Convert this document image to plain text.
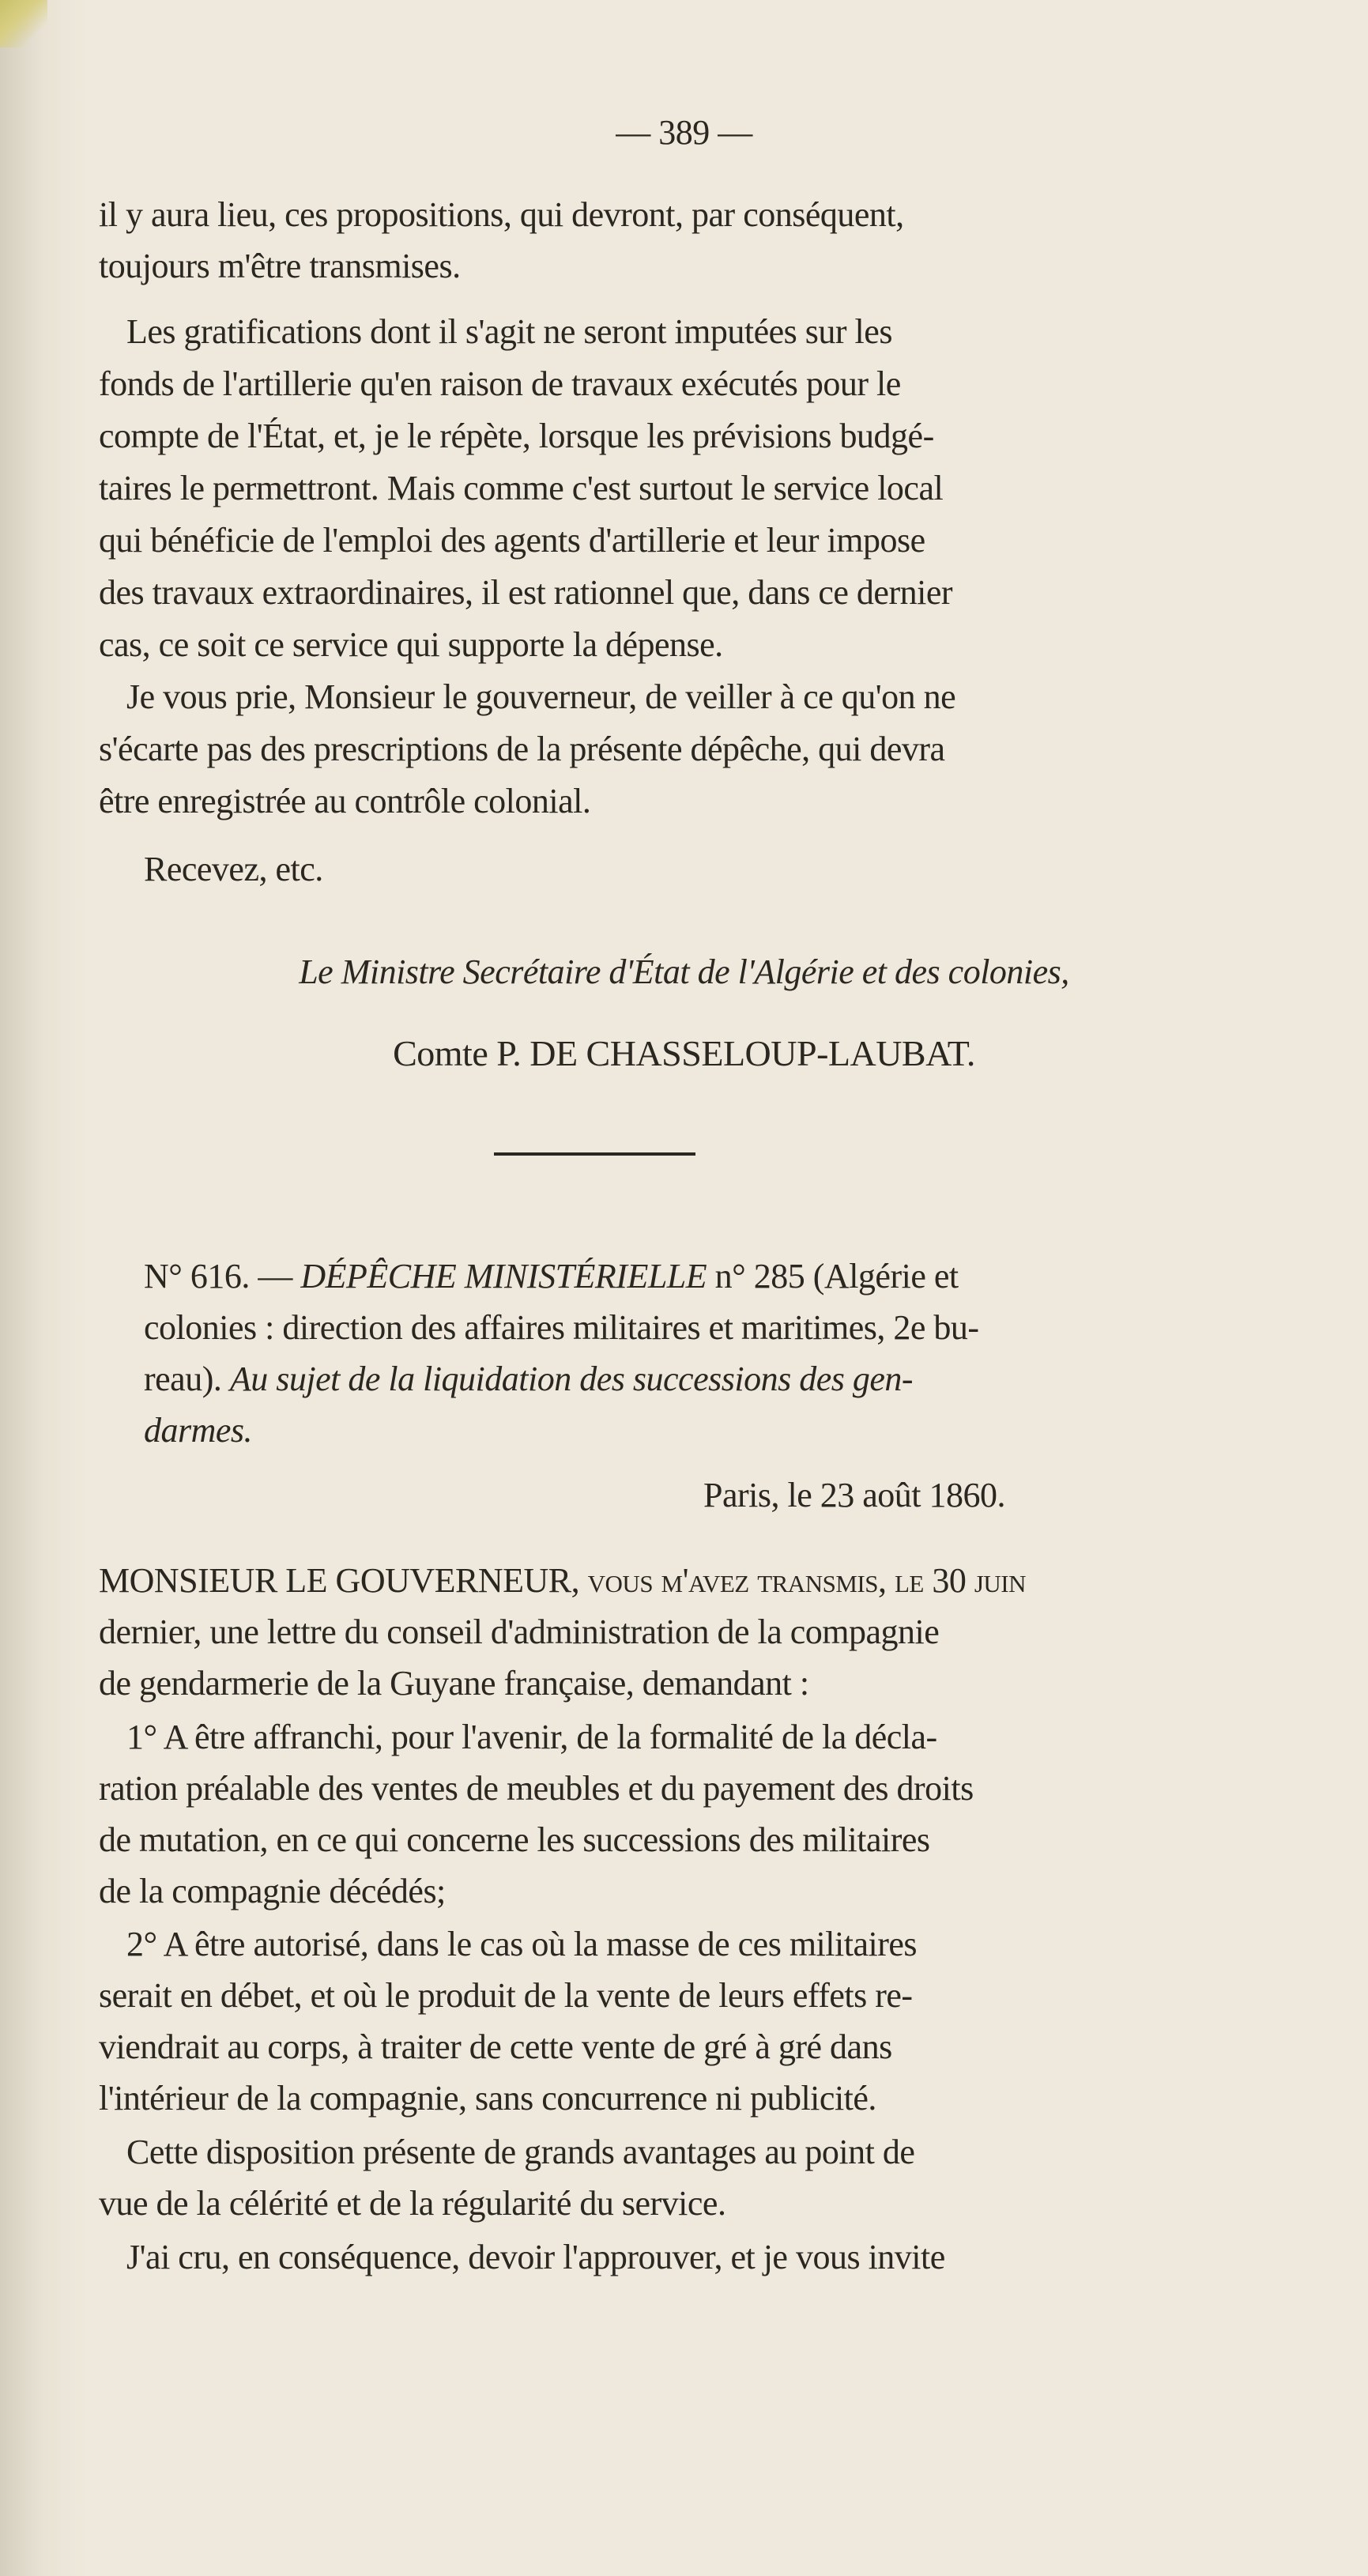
— 389 —
il y aura lieu, ces propositions, qui devront, par conséquent,
toujours m'être transmises.
Les gratifications dont il s'agit ne seront imputées sur les
fonds de l'artillerie qu'en raison de travaux exécutés pour le
compte de l'État, et, je le répète, lorsque les prévisions budgé-
taires le permettront. Mais comme c'est surtout le service local
qui bénéficie de l'emploi des agents d'artillerie et leur impose
des travaux extraordinaires, il est rationnel que, dans ce dernier
cas, ce soit ce service qui supporte la dépense.
Je vous prie, Monsieur le gouverneur, de veiller à ce qu'on ne
s'écarte pas des prescriptions de la présente dépêche, qui devra
être enregistrée au contrôle colonial.
Recevez, etc.
Le Ministre Secrétaire d'État de l'Algérie et des colonies,
Comte P. DE CHASSELOUP-LAUBAT.
N° 616. — DÉPÊCHE MINISTÉRIELLE n° 285 (Algérie et
colonies : direction des affaires militaires et maritimes, 2e bu-
reau). Au sujet de la liquidation des successions des gen-
darmes.
Paris, le 23 août 1860.
MONSIEUR LE GOUVERNEUR, vous m'avez transmis, le 30 juin
dernier, une lettre du conseil d'administration de la compagnie
de gendarmerie de la Guyane française, demandant :
1° A être affranchi, pour l'avenir, de la formalité de la décla-
ration préalable des ventes de meubles et du payement des droits
de mutation, en ce qui concerne les successions des militaires
de la compagnie décédés;
2° A être autorisé, dans le cas où la masse de ces militaires
serait en débet, et où le produit de la vente de leurs effets re-
viendrait au corps, à traiter de cette vente de gré à gré dans
l'intérieur de la compagnie, sans concurrence ni publicité.
Cette disposition présente de grands avantages au point de
vue de la célérité et de la régularité du service.
J'ai cru, en conséquence, devoir l'approuver, et je vous invite
